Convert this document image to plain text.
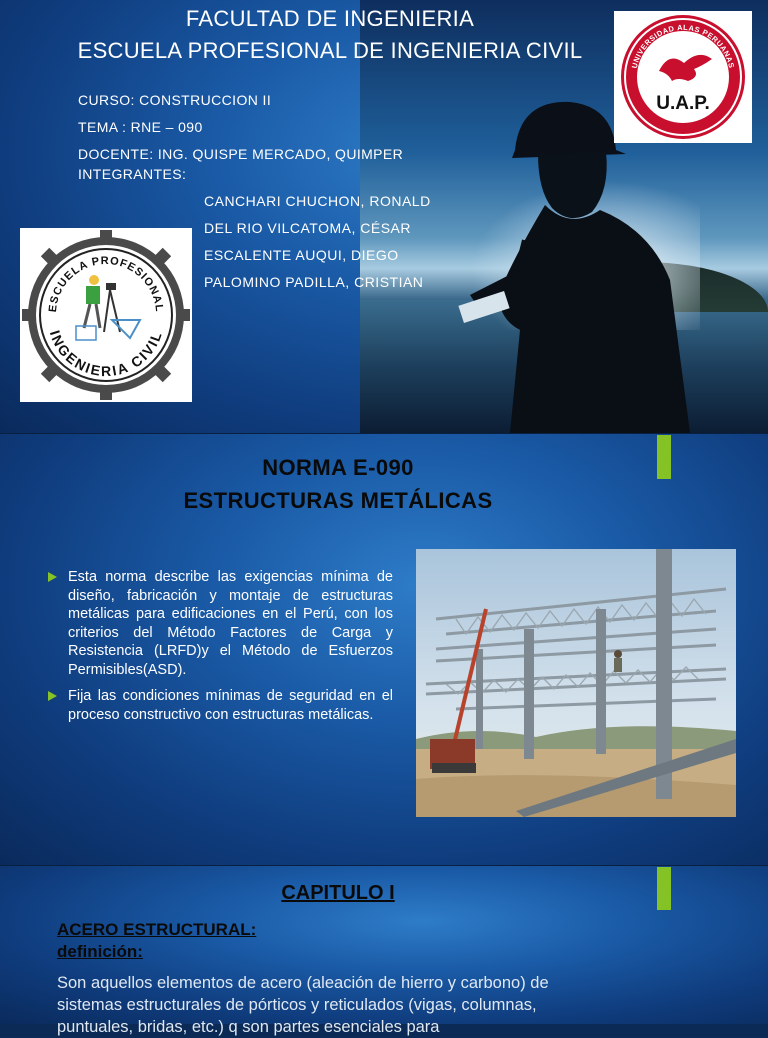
FACULTAD DE INGENIERIA
ESCUELA PROFESIONAL DE INGENIERIA CIVIL
CURSO: CONSTRUCCION II
TEMA : RNE – 090
DOCENTE: ING. QUISPE MERCADO, QUIMPER
INTEGRANTES:
CANCHARI CHUCHON, RONALD
DEL RIO VILCATOMA, CÉSAR
ESCALENTE AUQUI, DIEGO
PALOMINO PADILLA, CRISTIAN
UNIVERSIDAD ALAS PERUANAS
U.A.P.
ESCUELA PROFESIONAL
INGENIERIA CIVIL
NORMA E-090
ESTRUCTURAS METÁLICAS
Esta norma describe las exigencias mínima de diseño, fabricación y montaje de estructuras metálicas para edificaciones en el Perú, con los criterios del Método Factores de Carga y Resistencia (LRFD)y el Método de Esfuerzos Permisibles(ASD).
Fija las condiciones mínimas de seguridad en el proceso constructivo con estructuras metálicas.
CAPITULO I
ACERO ESTRUCTURAL:
definición:
Son aquellos elementos de acero (aleación de hierro y carbono) de sistemas estructurales de pórticos y reticulados (vigas, columnas, puntuales, bridas, etc.) q son partes esenciales para
